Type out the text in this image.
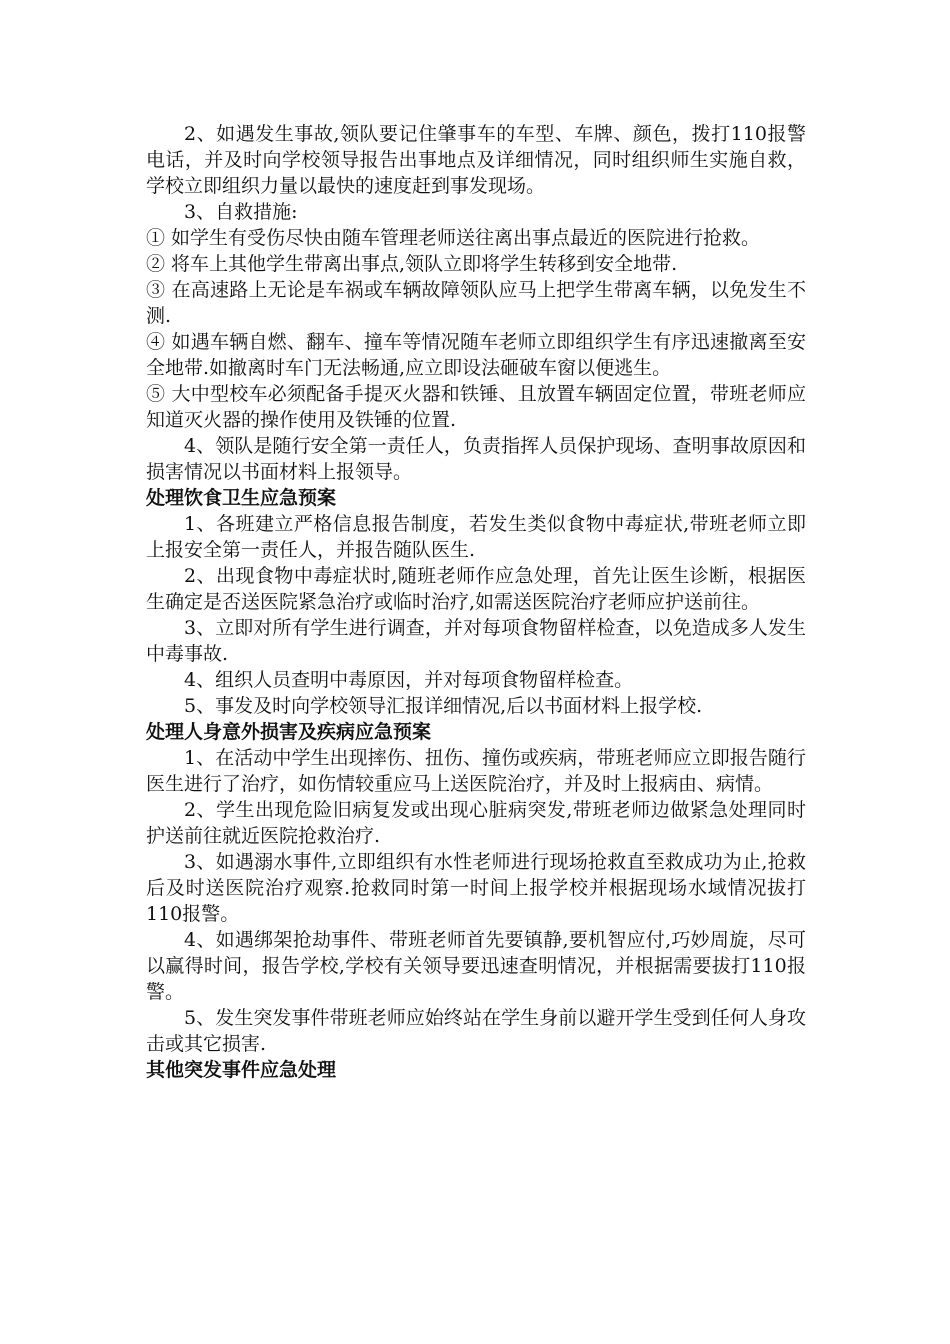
2、如遇发生事故,领队要记住肇事车的车型、车牌、颜色，拨打110报警电话，并及时向学校领导报告出事地点及详细情况，同时组织师生实施自救，学校立即组织力量以最快的速度赶到事发现场。

3、自救措施:

① 如学生有受伤尽快由随车管理老师送往离出事点最近的医院进行抢救。

② 将车上其他学生带离出事点,领队立即将学生转移到安全地带.

③ 在高速路上无论是车祸或车辆故障领队应马上把学生带离车辆，以免发生不测.

④ 如遇车辆自燃、翻车、撞车等情况随车老师立即组织学生有序迅速撤离至安全地带.如撤离时车门无法畅通,应立即设法砸破车窗以便逃生。

⑤ 大中型校车必须配备手提灭火器和铁锤、且放置车辆固定位置，带班老师应知道灭火器的操作使用及铁锤的位置.

4、领队是随行安全第一责任人，负责指挥人员保护现场、查明事故原因和损害情况以书面材料上报领导。

处理饮食卫生应急预案

1、各班建立严格信息报告制度，若发生类似食物中毒症状,带班老师立即上报安全第一责任人，并报告随队医生.

2、出现食物中毒症状时,随班老师作应急处理，首先让医生诊断，根据医生确定是否送医院紧急治疗或临时治疗,如需送医院治疗老师应护送前往。

3、立即对所有学生进行调查，并对每项食物留样检查，以免造成多人发生中毒事故.

4、组织人员查明中毒原因，并对每项食物留样检查。

5、事发及时向学校领导汇报详细情况,后以书面材料上报学校.

处理人身意外损害及疾病应急预案

1、在活动中学生出现摔伤、扭伤、撞伤或疾病，带班老师应立即报告随行医生进行了治疗，如伤情较重应马上送医院治疗，并及时上报病由、病情。

2、学生出现危险旧病复发或出现心脏病突发,带班老师边做紧急处理同时护送前往就近医院抢救治疗.

3、如遇溺水事件,立即组织有水性老师进行现场抢救直至救成功为止,抢救后及时送医院治疗观察.抢救同时第一时间上报学校并根据现场水域情况拔打110报警。

4、如遇绑架抢劫事件、带班老师首先要镇静,要机智应付,巧妙周旋，尽可以赢得时间，报告学校,学校有关领导要迅速查明情况，并根据需要拔打110报警。

5、发生突发事件带班老师应始终站在学生身前以避开学生受到任何人身攻击或其它损害.

其他突发事件应急处理
